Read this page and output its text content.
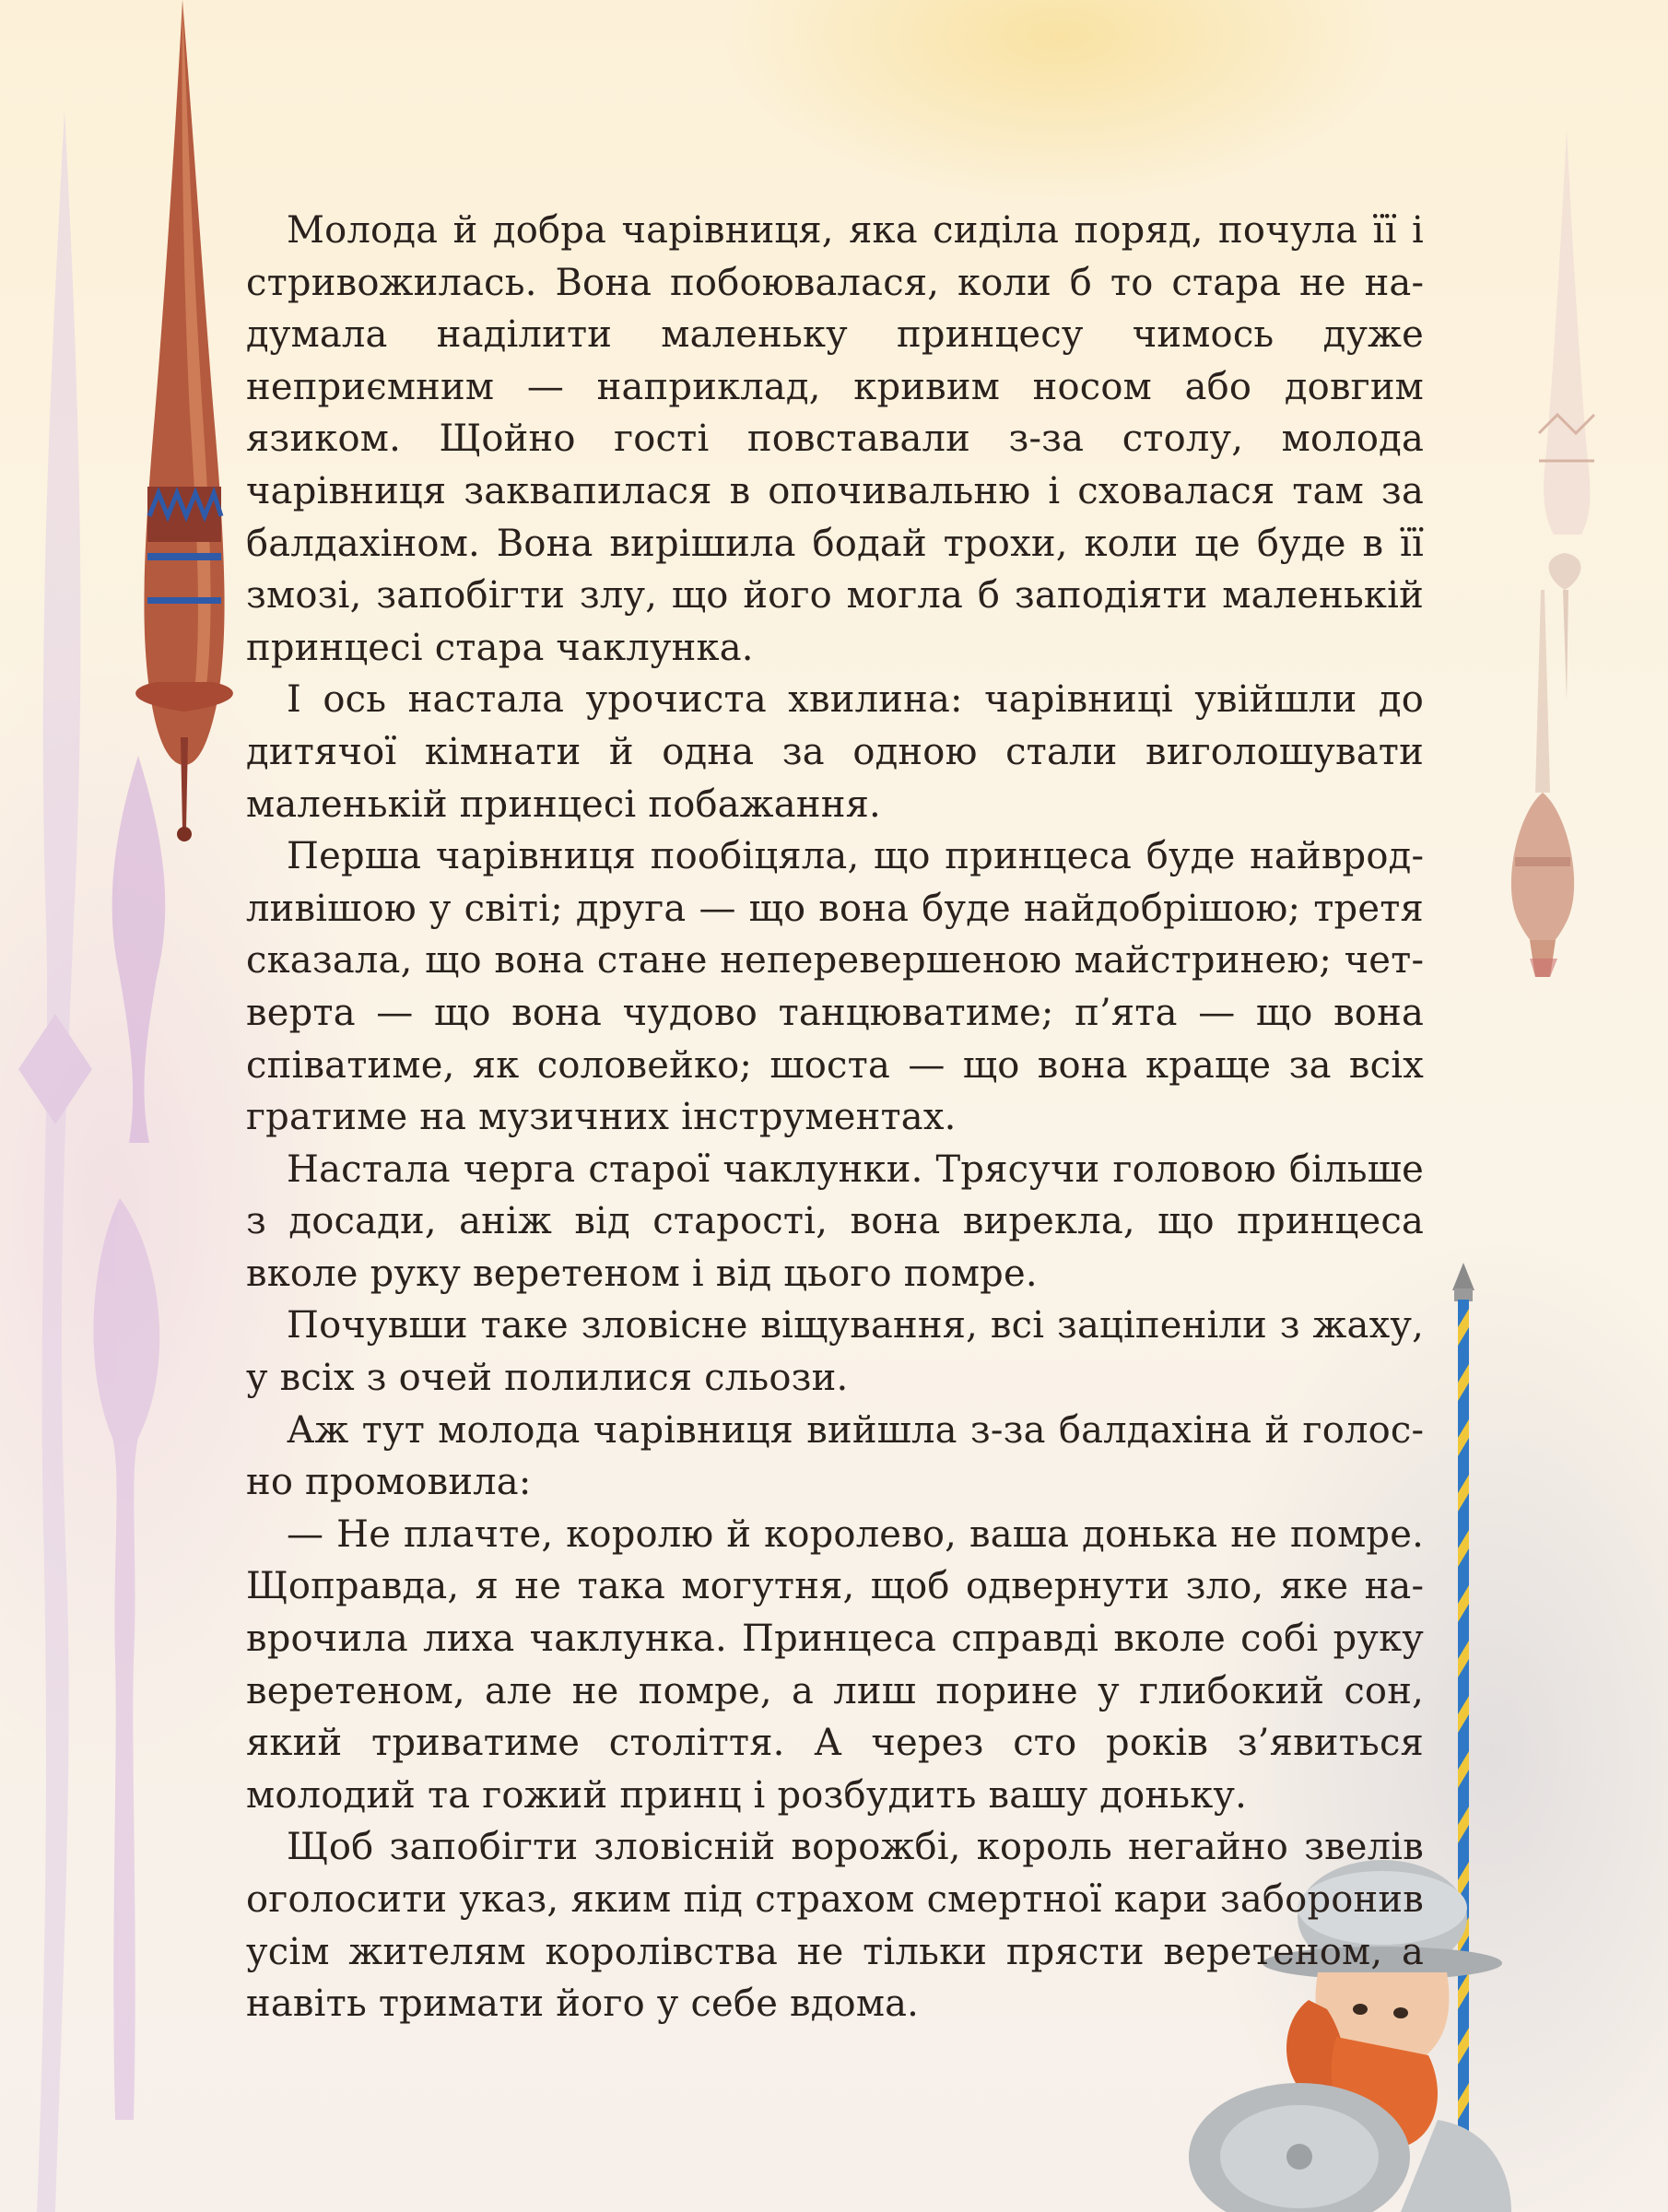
Молода й добра чарівниця, яка сиділа поряд, почула її і стривожилась. Вона побоювалася, коли б то стара не надумала наділити маленьку принцесу чимось дуже неприємним — наприклад, кривим носом або довгим язиком. Щойно гості повставали з-за столу, молода чарівниця заквапилася в опочивальню і сховалася там за балдахіном. Вона вирішила бодай трохи, коли це буде в її змозі, запобігти злу, що його могла б заподіяти маленькій принцесі стара чаклунка.

І ось настала урочиста хвилина: чарівниці увійшли до дитячої кімнати й одна за одною стали виголошувати маленькій принцесі побажання.

Перша чарівниця пообіцяла, що принцеса буде найвродливішою у світі; друга — що вона буде найдобрішою; третя сказала, що вона стане неперевершеною майстринею; четверта — що вона чудово танцюватиме; п’ята — що вона співатиме, як соловейко; шоста — що вона краще за всіх гратиме на музичних інструментах.

Настала черга старої чаклунки. Трясучи головою більше з досади, аніж від старості, вона вирекла, що принцеса вколе руку веретеном і від цього помре.

Почувши таке зловісне віщування, всі заціпеніли з жаху, у всіх з очей полилися сльози.

Аж тут молода чарівниця вийшла з-за балдахіна й голосно промовила:

— Не плачте, королю й королево, ваша донька не помре. Щоправда, я не така могутня, щоб одвернути зло, яке наврочила лиха чаклунка. Принцеса справді вколе собі руку веретеном, але не помре, а лиш порине у глибокий сон, який триватиме століття. А через сто років з’явиться молодий та гожий принц і розбудить вашу доньку.

Щоб запобігти зловісній ворожбі, король негайно звелів оголосити указ, яким під страхом смертної кари заборонив усім жителям королівства не тільки прясти веретеном, а навіть тримати його у себе вдома.
